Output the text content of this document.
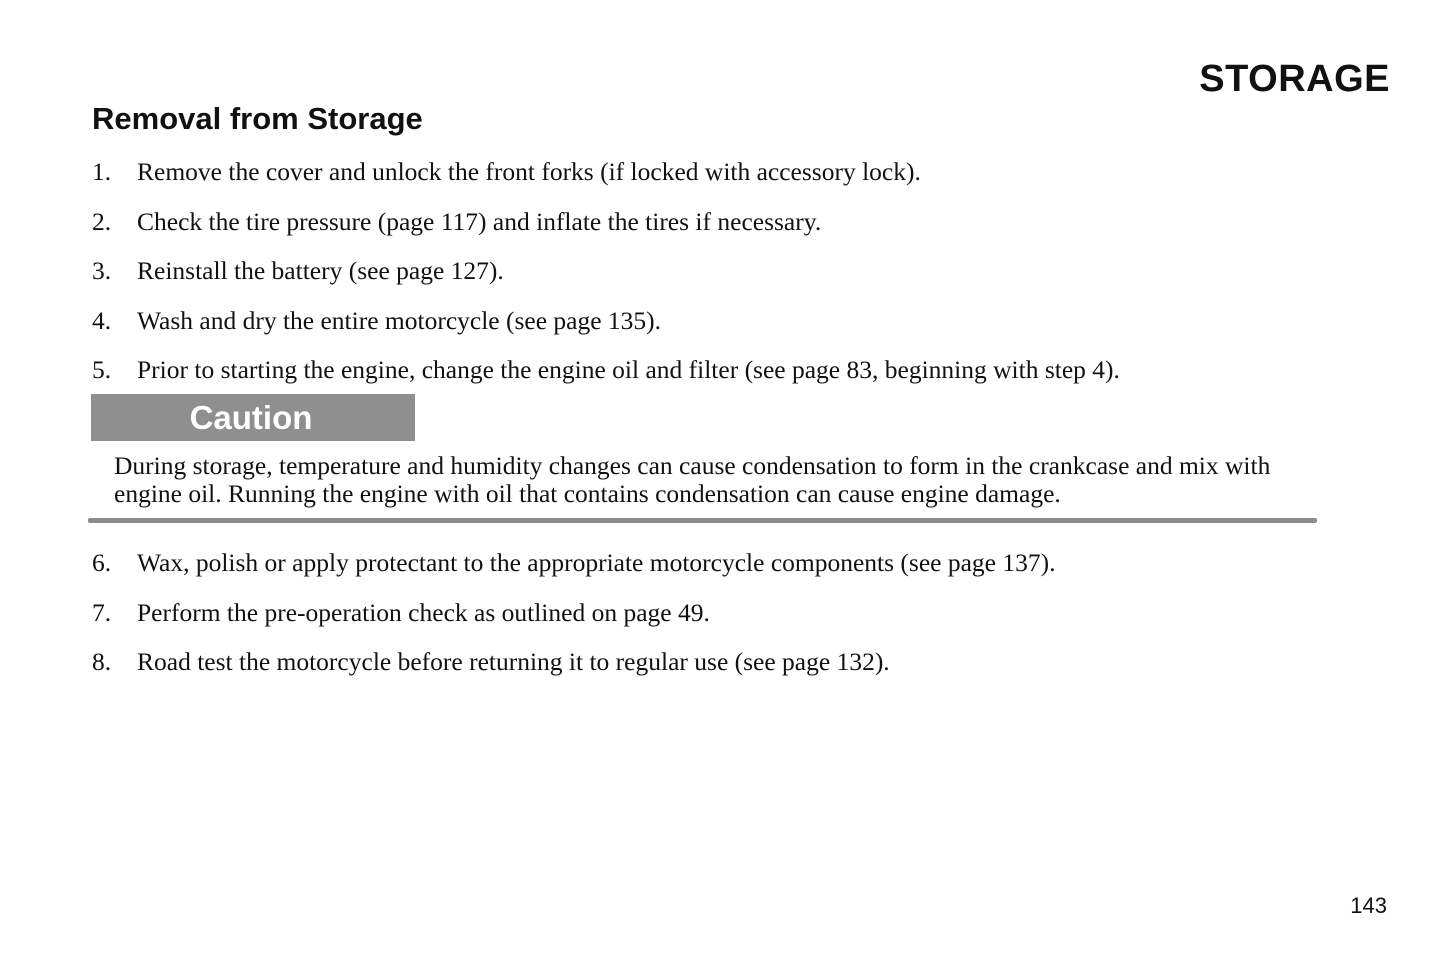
STORAGE
Removal from Storage
1. Remove the cover and unlock the front forks (if locked with accessory lock).
2. Check the tire pressure (page 117) and inflate the tires if necessary.
3. Reinstall the battery (see page 127).
4. Wash and dry the entire motorcycle (see page 135).
5. Prior to starting the engine, change the engine oil and filter (see page 83, beginning with step 4).
Caution

During storage, temperature and humidity changes can cause condensation to form in the crankcase and mix with engine oil. Running the engine with oil that contains condensation can cause engine damage.

6. Wax, polish or apply protectant to the appropriate motorcycle components (see page 137).
7. Perform the pre-operation check as outlined on page 49.
8. Road test the motorcycle before returning it to regular use (see page 132).
143
